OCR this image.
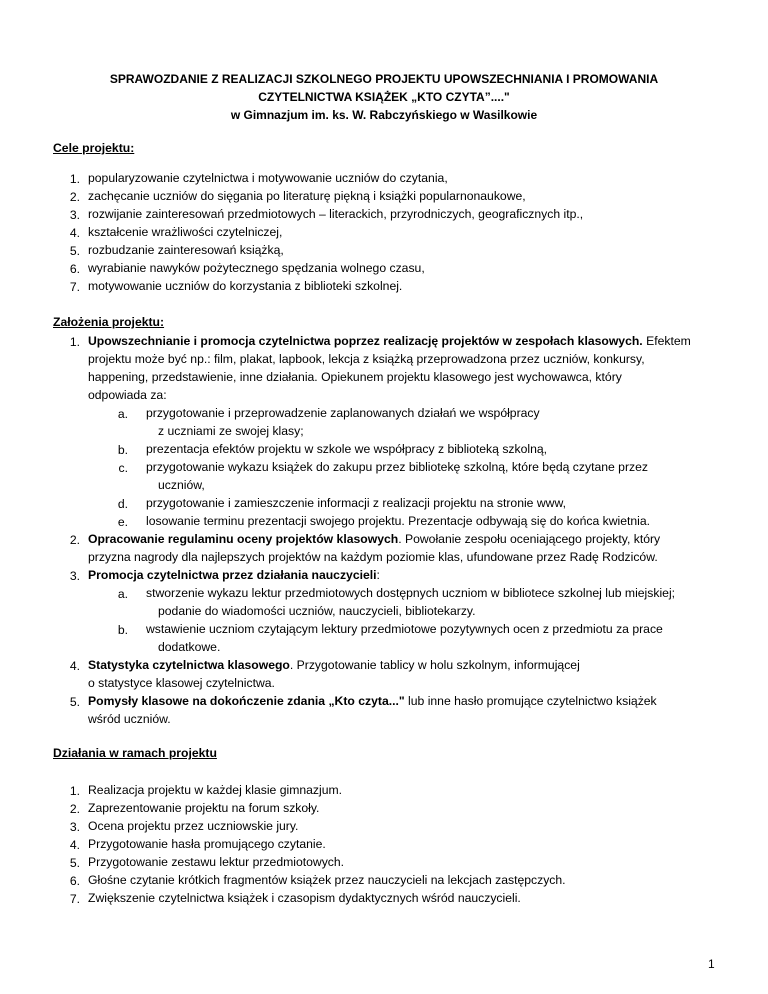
SPRAWOZDANIE Z REALIZACJI SZKOLNEGO PROJEKTU UPOWSZECHNIANIA I PROMOWANIA
CZYTELNICTWA KSIĄŻEK „KTO CZYTA”...."
w Gimnazjum im. ks. W. Rabczyńskiego w Wasilkowie
Cele projektu:
1. popularyzowanie czytelnictwa i motywowanie uczniów do czytania,
2. zachęcanie uczniów do sięgania po literaturę piękną i książki popularnonaukowe,
3. rozwijanie zainteresowań przedmiotowych – literackich, przyrodniczych, geograficznych itp.,
4. kształcenie wrażliwości czytelniczej,
5. rozbudzanie zainteresowań książką,
6. wyrabianie nawyków pożytecznego spędzania wolnego czasu,
7. motywowanie uczniów do korzystania z biblioteki szkolnej.
Założenia projektu:
1. Upowszechnianie i promocja czytelnictwa poprzez realizację projektów w zespołach klasowych. Efektem
projektu może być np.: film, plakat, lapbook, lekcja z książką przeprowadzona przez uczniów, konkursy,
happening, przedstawienie, inne działania. Opiekunem projektu klasowego jest wychowawca, który
odpowiada za:
a. przygotowanie i przeprowadzenie zaplanowanych działań we współpracy
z uczniami ze swojej klasy;
b. prezentacja efektów projektu w szkole we współpracy z biblioteką szkolną,
c. przygotowanie wykazu książek do zakupu przez bibliotekę szkolną, które będą czytane przez
uczniów,
d. przygotowanie i zamieszczenie informacji z realizacji projektu na stronie www,
e. losowanie terminu prezentacji swojego projektu. Prezentacje odbywają się do końca kwietnia.
2. Opracowanie regulaminu oceny projektów klasowych. Powołanie zespołu oceniającego projekty, który
przyzna nagrody dla najlepszych projektów na każdym poziomie klas, ufundowane przez Radę Rodziców.
3. Promocja czytelnictwa przez działania nauczycieli:
a. stworzenie wykazu lektur przedmiotowych dostępnych uczniom w bibliotece szkolnej lub miejskiej;
podanie do wiadomości uczniów, nauczycieli, bibliotekarzy.
b. wstawienie uczniom czytającym lektury przedmiotowe pozytywnych ocen z przedmiotu za prace
dodatkowe.
4. Statystyka czytelnictwa klasowego. Przygotowanie tablicy w holu szkolnym, informującej
o statystyce klasowej czytelnictwa.
5. Pomysły klasowe na dokończenie zdania „Kto czyta..." lub inne hasło promujące czytelnictwo książek
wśród uczniów.
Działania w ramach projektu
1. Realizacja projektu w każdej klasie gimnazjum.
2. Zaprezentowanie projektu na forum szkoły.
3. Ocena projektu przez uczniowskie jury.
4. Przygotowanie hasła promującego czytanie.
5. Przygotowanie zestawu lektur przedmiotowych.
6. Głośne czytanie krótkich fragmentów książek przez nauczycieli na lekcjach zastępczych.
7. Zwiększenie czytelnictwa książek i czasopism dydaktycznych wśród nauczycieli.
1
